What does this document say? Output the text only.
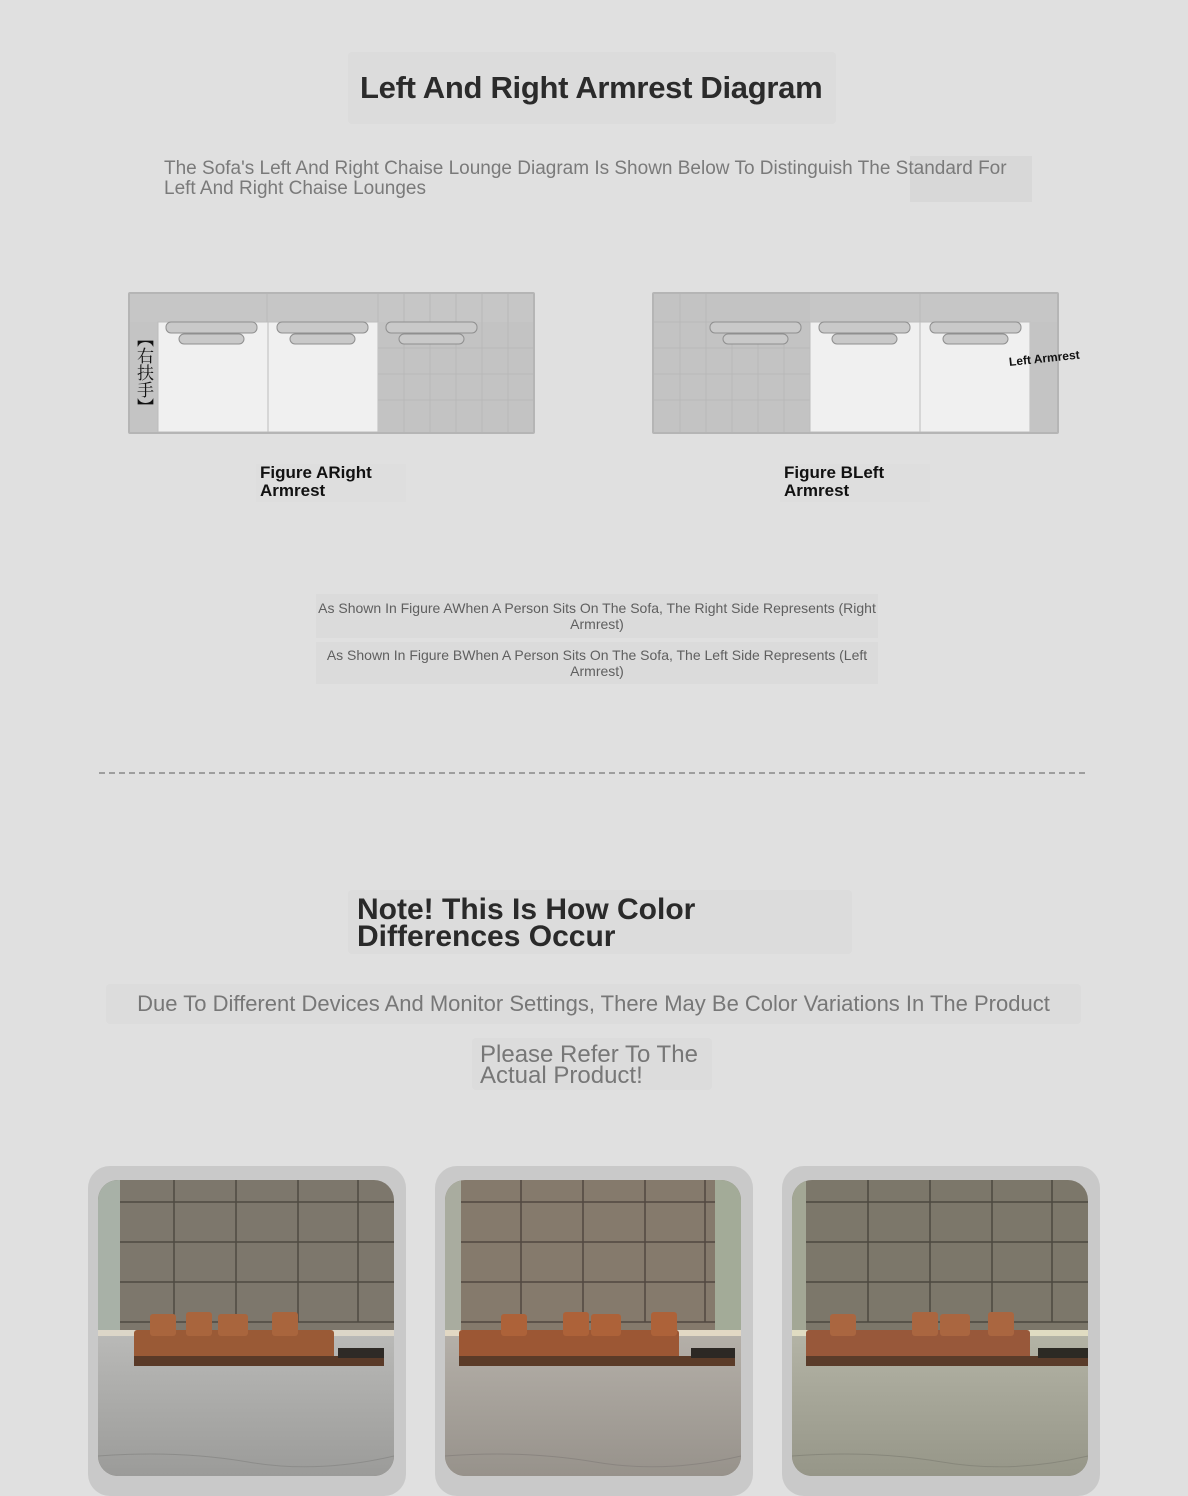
Left And Right Armrest Diagram
The Sofa's Left And Right Chaise Lounge Diagram Is Shown Below To Distinguish The Standard For Left And Right Chaise Lounges
【右扶手】	Left Armrest
Figure ARight
Armrest
Figure BLeft
Armrest
As Shown In Figure AWhen A Person Sits On The Sofa, The Right Side Represents (Right Armrest)
As Shown In Figure BWhen A Person Sits On The Sofa, The Left Side Represents (Left Armrest)
Note! This Is How Color
Differences Occur
Due To Different Devices And Monitor Settings, There May Be Color Variations In The Product
Please Refer To The
Actual Product!
